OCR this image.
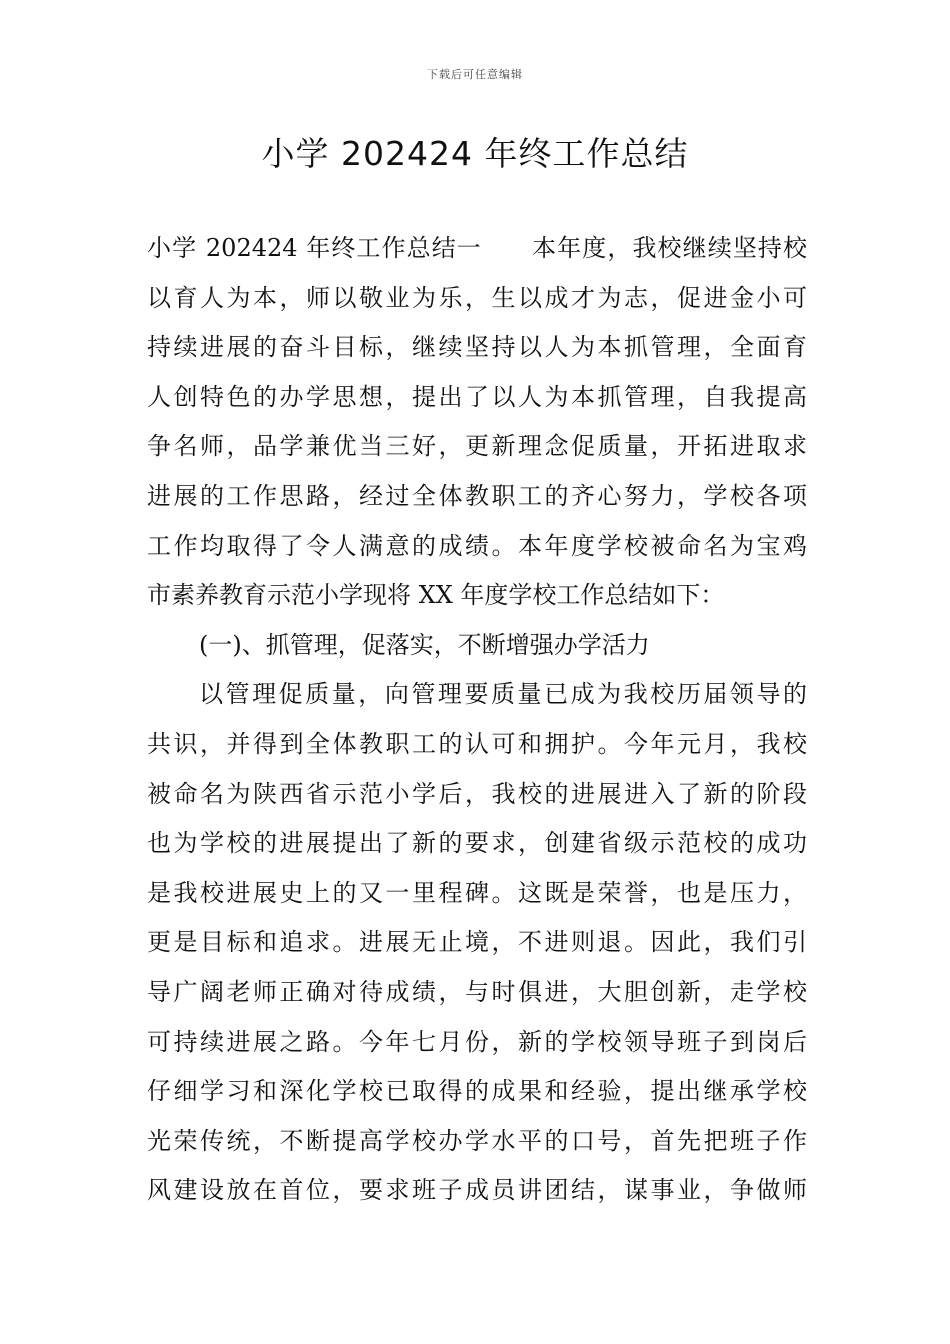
下载后可任意编辑
小学 202424 年终工作总结
小学 202424 年终工作总结一　　本年度，我校继续坚持校
以育人为本，师以敬业为乐，生以成才为志，促进金小可
持续进展的奋斗目标，继续坚持以人为本抓管理，全面育
人创特色的办学思想，提出了以人为本抓管理，自我提高
争名师，品学兼优当三好，更新理念促质量，开拓进取求
进展的工作思路，经过全体教职工的齐心努力，学校各项
工作均取得了令人满意的成绩。本年度学校被命名为宝鸡
市素养教育示范小学现将 XX 年度学校工作总结如下：
(一)、抓管理，促落实，不断增强办学活力
以管理促质量，向管理要质量已成为我校历届领导的
共识，并得到全体教职工的认可和拥护。今年元月，我校
被命名为陕西省示范小学后，我校的进展进入了新的阶段
也为学校的进展提出了新的要求，创建省级示范校的成功
是我校进展史上的又一里程碑。这既是荣誉，也是压力，
更是目标和追求。进展无止境，不进则退。因此，我们引
导广阔老师正确对待成绩，与时俱进，大胆创新，走学校
可持续进展之路。今年七月份，新的学校领导班子到岗后
仔细学习和深化学校已取得的成果和经验，提出继承学校
光荣传统，不断提高学校办学水平的口号，首先把班子作
风建设放在首位，要求班子成员讲团结，谋事业，争做师
